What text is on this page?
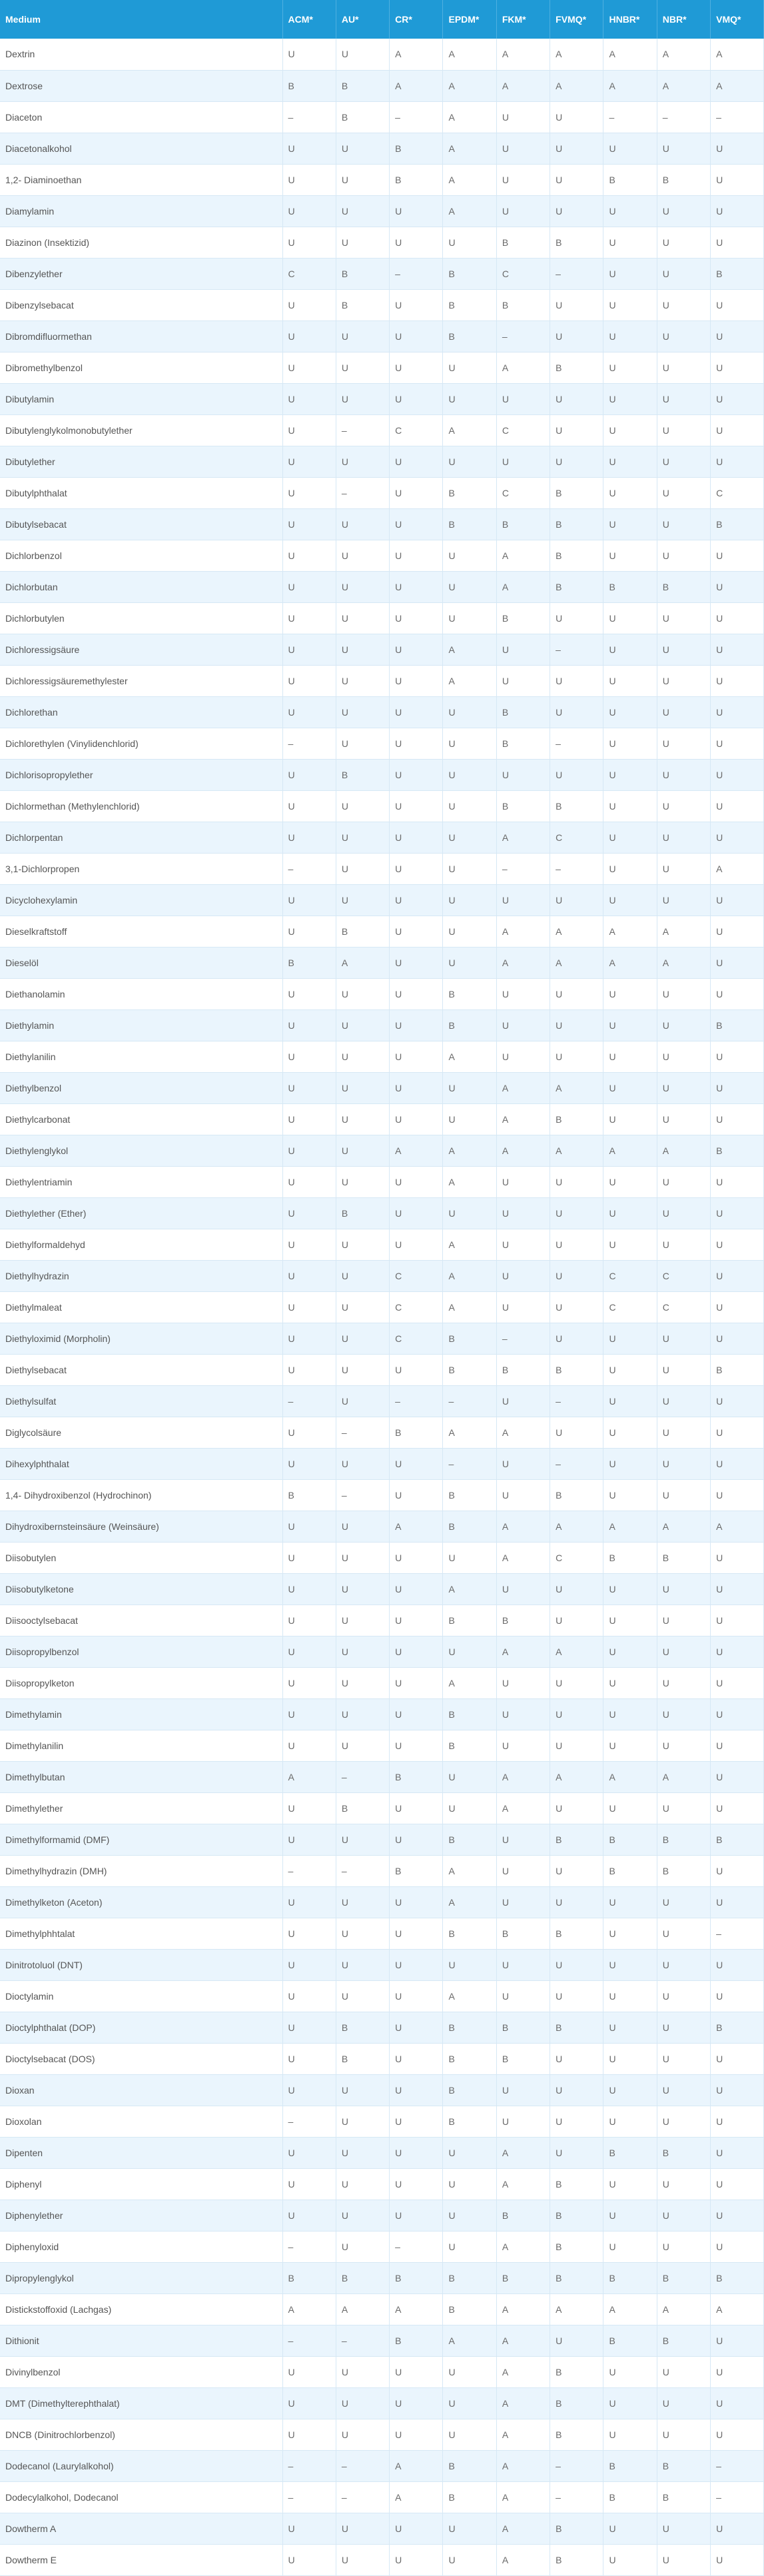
Medium	ACM*	AU*	CR*	EPDM*	FKM*	FVMQ*	HNBR*	NBR*	VMQ*
Dextrin	U	U	A	A	A	A	A	A	A
Dextrose	B	B	A	A	A	A	A	A	A
Diaceton	–	B	–	A	U	U	–	–	–
Diacetonalkohol	U	U	B	A	U	U	U	U	U
1,2- Diaminoethan	U	U	B	A	U	U	B	B	U
Diamylamin	U	U	U	A	U	U	U	U	U
Diazinon (Insektizid)	U	U	U	U	B	B	U	U	U
Dibenzylether	C	B	–	B	C	–	U	U	B
Dibenzylsebacat	U	B	U	B	B	U	U	U	U
Dibromdifluormethan	U	U	U	B	–	U	U	U	U
Dibromethylbenzol	U	U	U	U	A	B	U	U	U
Dibutylamin	U	U	U	U	U	U	U	U	U
Dibutylenglykolmonobutylether	U	–	C	A	C	U	U	U	U
Dibutylether	U	U	U	U	U	U	U	U	U
Dibutylphthalat	U	–	U	B	C	B	U	U	C
Dibutylsebacat	U	U	U	B	B	B	U	U	B
Dichlorbenzol	U	U	U	U	A	B	U	U	U
Dichlorbutan	U	U	U	U	A	B	B	B	U
Dichlorbutylen	U	U	U	U	B	U	U	U	U
Dichloressigsäure	U	U	U	A	U	–	U	U	U
Dichloressigsäuremethylester	U	U	U	A	U	U	U	U	U
Dichlorethan	U	U	U	U	B	U	U	U	U
Dichlorethylen (Vinylidenchlorid)	–	U	U	U	B	–	U	U	U
Dichlorisopropylether	U	B	U	U	U	U	U	U	U
Dichlormethan (Methylenchlorid)	U	U	U	U	B	B	U	U	U
Dichlorpentan	U	U	U	U	A	C	U	U	U
3,1-Dichlorpropen	–	U	U	U	–	–	U	U	A
Dicyclohexylamin	U	U	U	U	U	U	U	U	U
Dieselkraftstoff	U	B	U	U	A	A	A	A	U
Dieselöl	B	A	U	U	A	A	A	A	U
Diethanolamin	U	U	U	B	U	U	U	U	U
Diethylamin	U	U	U	B	U	U	U	U	B
Diethylanilin	U	U	U	A	U	U	U	U	U
Diethylbenzol	U	U	U	U	A	A	U	U	U
Diethylcarbonat	U	U	U	U	A	B	U	U	U
Diethylenglykol	U	U	A	A	A	A	A	A	B
Diethylentriamin	U	U	U	A	U	U	U	U	U
Diethylether (Ether)	U	B	U	U	U	U	U	U	U
Diethylformaldehyd	U	U	U	A	U	U	U	U	U
Diethylhydrazin	U	U	C	A	U	U	C	C	U
Diethylmaleat	U	U	C	A	U	U	C	C	U
Diethyloximid (Morpholin)	U	U	C	B	–	U	U	U	U
Diethylsebacat	U	U	U	B	B	B	U	U	B
Diethylsulfat	–	U	–	–	U	–	U	U	U
Diglycolsäure	U	–	B	A	A	U	U	U	U
Dihexylphthalat	U	U	U	–	U	–	U	U	U
1,4- Dihydroxibenzol (Hydrochinon)	B	–	U	B	U	B	U	U	U
Dihydroxibernsteinsäure (Weinsäure)	U	U	A	B	A	A	A	A	A
Diisobutylen	U	U	U	U	A	C	B	B	U
Diisobutylketone	U	U	U	A	U	U	U	U	U
Diisooctylsebacat	U	U	U	B	B	U	U	U	U
Diisopropylbenzol	U	U	U	U	A	A	U	U	U
Diisopropylketon	U	U	U	A	U	U	U	U	U
Dimethylamin	U	U	U	B	U	U	U	U	U
Dimethylanilin	U	U	U	B	U	U	U	U	U
Dimethylbutan	A	–	B	U	A	A	A	A	U
Dimethylether	U	B	U	U	A	U	U	U	U
Dimethylformamid (DMF)	U	U	U	B	U	B	B	B	B
Dimethylhydrazin (DMH)	–	–	B	A	U	U	B	B	U
Dimethylketon (Aceton)	U	U	U	A	U	U	U	U	U
Dimethylphhtalat	U	U	U	B	B	B	U	U	–
Dinitrotoluol (DNT)	U	U	U	U	U	U	U	U	U
Dioctylamin	U	U	U	A	U	U	U	U	U
Dioctylphthalat (DOP)	U	B	U	B	B	B	U	U	B
Dioctylsebacat (DOS)	U	B	U	B	B	U	U	U	U
Dioxan	U	U	U	B	U	U	U	U	U
Dioxolan	–	U	U	B	U	U	U	U	U
Dipenten	U	U	U	U	A	U	B	B	U
Diphenyl	U	U	U	U	A	B	U	U	U
Diphenylether	U	U	U	U	B	B	U	U	U
Diphenyloxid	–	U	–	U	A	B	U	U	U
Dipropylenglykol	B	B	B	B	B	B	B	B	B
Distickstoffoxid (Lachgas)	A	A	A	B	A	A	A	A	A
Dithionit	–	–	B	A	A	U	B	B	U
Divinylbenzol	U	U	U	U	A	B	U	U	U
DMT (Dimethylterephthalat)	U	U	U	U	A	B	U	U	U
DNCB (Dinitrochlorbenzol)	U	U	U	U	A	B	U	U	U
Dodecanol (Laurylalkohol)	–	–	A	B	A	–	B	B	–
Dodecylalkohol, Dodecanol	–	–	A	B	A	–	B	B	–
Dowtherm A	U	U	U	U	A	B	U	U	U
Dowtherm E	U	U	U	U	A	B	U	U	U
